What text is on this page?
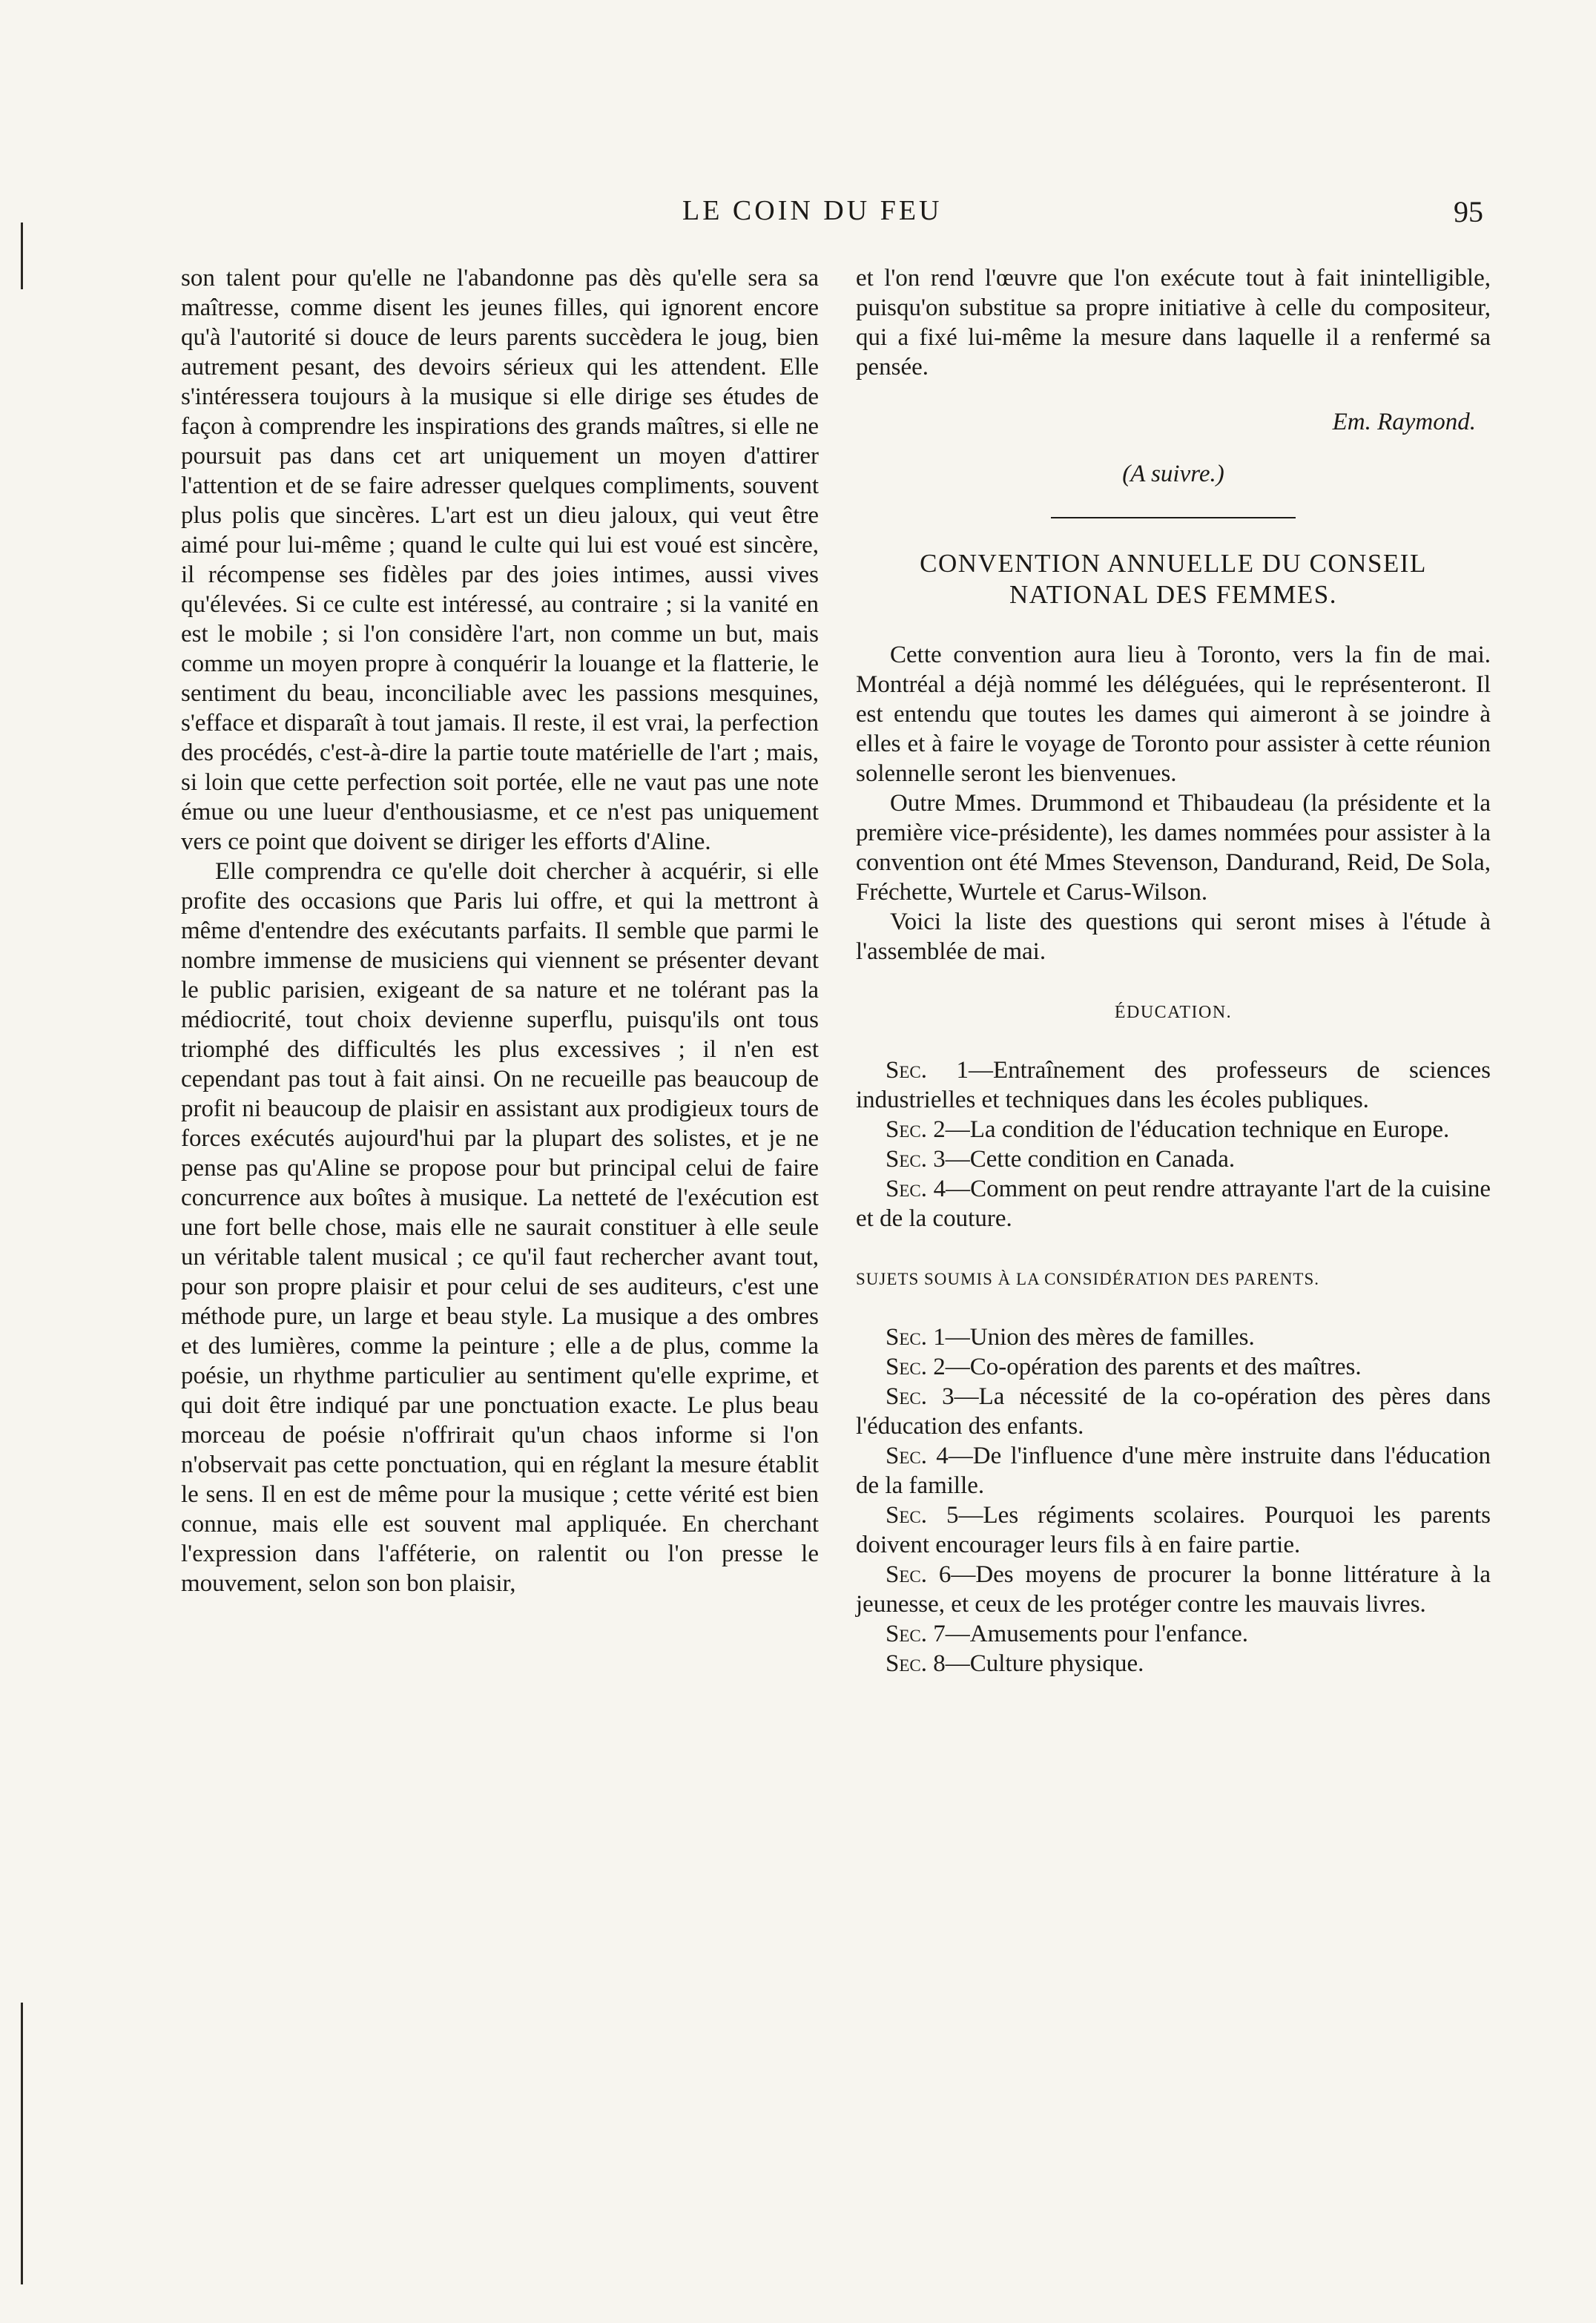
LE COIN DU FEU	95

son talent pour qu'elle ne l'abandonne pas dès qu'elle sera sa maîtresse, comme disent les jeunes filles, qui ignorent encore qu'à l'autorité si douce de leurs parents succèdera le joug, bien autrement pesant, des devoirs sérieux qui les attendent. Elle s'intéressera toujours à la musique si elle dirige ses études de façon à comprendre les inspirations des grands maîtres, si elle ne poursuit pas dans cet art uniquement un moyen d'attirer l'attention et de se faire adresser quelques compliments, souvent plus polis que sincères. L'art est un dieu jaloux, qui veut être aimé pour lui-même ; quand le culte qui lui est voué est sincère, il récompense ses fidèles par des joies intimes, aussi vives qu'élevées. Si ce culte est intéressé, au contraire ; si la vanité en est le mobile ; si l'on considère l'art, non comme un but, mais comme un moyen propre à conquérir la louange et la flatterie, le sentiment du beau, inconciliable avec les passions mesquines, s'efface et disparaît à tout jamais. Il reste, il est vrai, la perfection des procédés, c'est-à-dire la partie toute matérielle de l'art ; mais, si loin que cette perfection soit portée, elle ne vaut pas une note émue ou une lueur d'enthousiasme, et ce n'est pas uniquement vers ce point que doivent se diriger les efforts d'Aline.

Elle comprendra ce qu'elle doit chercher à acquérir, si elle profite des occasions que Paris lui offre, et qui la mettront à même d'entendre des exécutants parfaits. Il semble que parmi le nombre immense de musiciens qui viennent se présenter devant le public parisien, exigeant de sa nature et ne tolérant pas la médiocrité, tout choix devienne superflu, puisqu'ils ont tous triomphé des difficultés les plus excessives ; il n'en est cependant pas tout à fait ainsi. On ne recueille pas beaucoup de profit ni beaucoup de plaisir en assistant aux prodigieux tours de forces exécutés aujourd'hui par la plupart des solistes, et je ne pense pas qu'Aline se propose pour but principal celui de faire concurrence aux boîtes à musique. La netteté de l'exécution est une fort belle chose, mais elle ne saurait constituer à elle seule un véritable talent musical ; ce qu'il faut rechercher avant tout, pour son propre plaisir et pour celui de ses auditeurs, c'est une méthode pure, un large et beau style. La musique a des ombres et des lumières, comme la peinture ; elle a de plus, comme la poésie, un rhythme particulier au sentiment qu'elle exprime, et qui doit être indiqué par une ponctuation exacte. Le plus beau morceau de poésie n'offrirait qu'un chaos informe si l'on n'observait pas cette ponctuation, qui en réglant la mesure établit le sens. Il en est de même pour la musique ; cette vérité est bien connue, mais elle est souvent mal appliquée. En cherchant l'expression dans l'afféterie, on ralentit ou l'on presse le mouvement, selon son bon plaisir,

et l'on rend l'œuvre que l'on exécute tout à fait inintelligible, puisqu'on substitue sa propre initiative à celle du compositeur, qui a fixé lui-même la mesure dans laquelle il a renfermé sa pensée.

Em. Raymond.

(A suivre.)

CONVENTION ANNUELLE DU CONSEIL
NATIONAL DES FEMMES.

Cette convention aura lieu à Toronto, vers la fin de mai. Montréal a déjà nommé les déléguées, qui le représenteront. Il est entendu que toutes les dames qui aimeront à se joindre à elles et à faire le voyage de Toronto pour assister à cette réunion solennelle seront les bienvenues.

Outre Mmes. Drummond et Thibaudeau (la présidente et la première vice-présidente), les dames nommées pour assister à la convention ont été Mmes Stevenson, Dandurand, Reid, De Sola, Fréchette, Wurtele et Carus-Wilson.

Voici la liste des questions qui seront mises à l'étude à l'assemblée de mai.

ÉDUCATION.

Sec. 1—Entraînement des professeurs de sciences industrielles et techniques dans les écoles publiques.

Sec. 2—La condition de l'éducation technique en Europe.

Sec. 3—Cette condition en Canada.

Sec. 4—Comment on peut rendre attrayante l'art de la cuisine et de la couture.

SUJETS SOUMIS À LA CONSIDÉRATION DES PARENTS.

Sec. 1—Union des mères de familles.

Sec. 2—Co-opération des parents et des maîtres.

Sec. 3—La nécessité de la co-opération des pères dans l'éducation des enfants.

Sec. 4—De l'influence d'une mère instruite dans l'éducation de la famille.

Sec. 5—Les régiments scolaires. Pourquoi les parents doivent encourager leurs fils à en faire partie.

Sec. 6—Des moyens de procurer la bonne littérature à la jeunesse, et ceux de les protéger contre les mauvais livres.

Sec. 7—Amusements pour l'enfance.

Sec. 8—Culture physique.
